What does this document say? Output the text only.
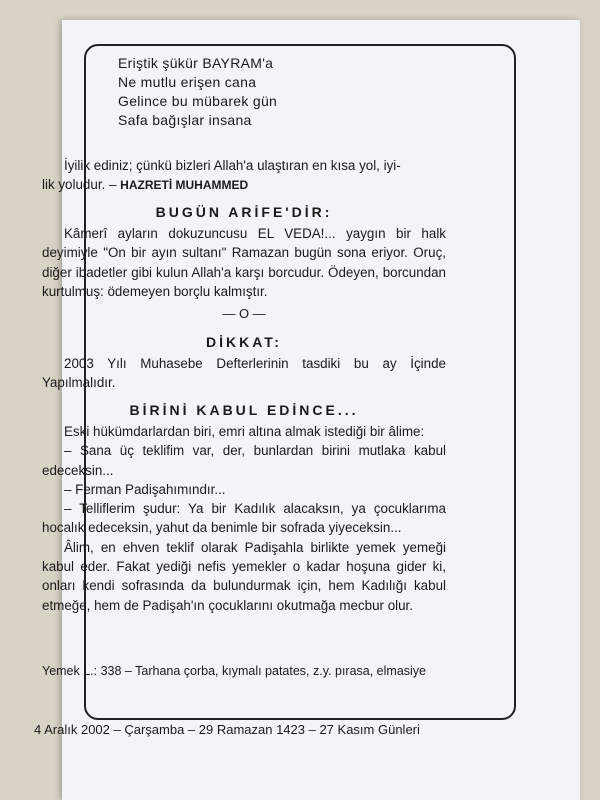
Eriştik şükür BAYRAM'a
Ne mutlu erişen cana
Gelince bu mübarek gün
Safa bağışlar insana
İyilik ediniz; çünkü bizleri Allah'a ulaştıran en kısa yol, iyi-
lik yoludur. – HAZRETİ MUHAMMED
BUGÜN ARİFE'DİR:
Kâmerî ayların dokuzuncusu EL VEDA!... yaygın bir halk deyimiyle "On bir ayın sultanı" Ramazan bugün sona eriyor. Oruç, diğer ibadetler gibi kulun Allah'a karşı borcudur. Ödeyen, borcundan kurtulmuş: ödemeyen borçlu kalmıştır.
— O —
DİKKAT:
2003 Yılı Muhasebe Defterlerinin tasdiki bu ay İçinde Yapılmalıdır.
BİRİNİ KABUL EDİNCE...
Eski hükümdarlardan biri, emri altına almak istediği bir âlime:
– Sana üç teklifim var, der, bunlardan birini mutlaka kabul edeceksin...
– Ferman Padişahımındır...
– Telliflerim şudur: Ya bir Kadılık alacaksın, ya çocuklarıma hocalık edeceksin, yahut da benimle bir sofrada yiyeceksin...
Âlim, en ehven teklif olarak Padişahla birlikte yemek yemeği kabul eder. Fakat yediği nefis yemekler o kadar hoşuna gider ki, onları kendi sofrasında da bulundurmak için, hem Kadılığı kabul etmeğe, hem de Padişah'ın çocuklarını okutmağa mecbur olur.
Yemek L.: 338 – Tarhana çorba, kıymalı patates, z.y. pırasa, elmasiye
4 Aralık 2002 – Çarşamba – 29 Ramazan 1423 – 27 Kasım Günleri
